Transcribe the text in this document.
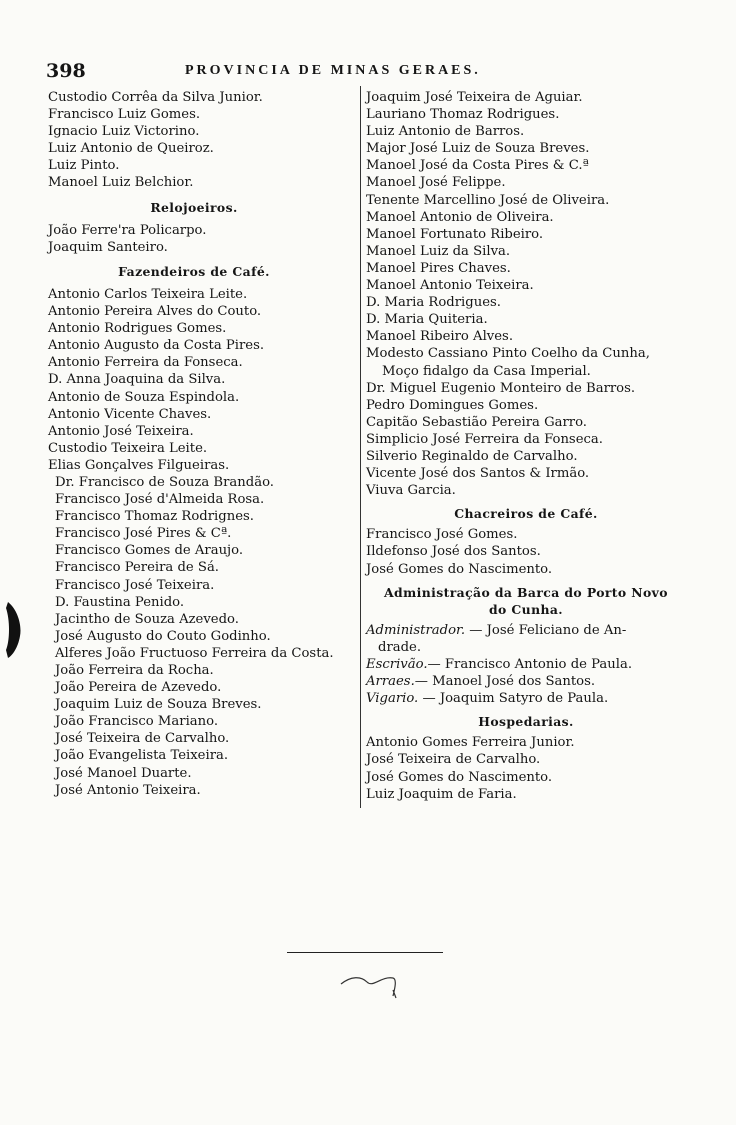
398	PROVINCIA DE MINAS GERAES.
Custodio Corrêa da Silva Junior.
Francisco Luiz Gomes.
Ignacio Luiz Victorino.
Luiz Antonio de Queiroz.
Luiz Pinto.
Manoel Luiz Belchior.
Relojoeiros.
João Ferre'ra Policarpo.
Joaquim Santeiro.
Fazendeiros de Café.
Antonio Carlos Teixeira Leite.
Antonio Pereira Alves do Couto.
Antonio Rodrigues Gomes.
Antonio Augusto da Costa Pires.
Antonio Ferreira da Fonseca.
D. Anna Joaquina da Silva.
Antonio de Souza Espindola.
Antonio Vicente Chaves.
Antonio José Teixeira.
Custodio Teixeira Leite.
Elias Gonçalves Filgueiras.
Dr. Francisco de Souza Brandão.
Francisco José d'Almeida Rosa.
Francisco Thomaz Rodrignes.
Francisco José Pires & Cª.
Francisco Gomes de Araujo.
Francisco Pereira de Sá.
Francisco José Teixeira.
D. Faustina Penido.
Jacintho de Souza Azevedo.
José Augusto do Couto Godinho.
Alferes João Fructuoso Ferreira da Costa.
João Ferreira da Rocha.
João Pereira de Azevedo.
Joaquim Luiz de Souza Breves.
João Francisco Mariano.
José Teixeira de Carvalho.
João Evangelista Teixeira.
José Manoel Duarte.
José Antonio Teixeira.
Joaquim José Teixeira de Aguiar.
Lauriano Thomaz Rodrigues.
Luiz Antonio de Barros.
Major José Luiz de Souza Breves.
Manoel José da Costa Pires & C.ª
Manoel José Felippe.
Tenente Marcellino José de Oliveira.
Manoel Antonio de Oliveira.
Manoel Fortunato Ribeiro.
Manoel Luiz da Silva.
Manoel Pires Chaves.
Manoel Antonio Teixeira.
D. Maria Rodrigues.
D. Maria Quiteria.
Manoel Ribeiro Alves.
Modesto Cassiano Pinto Coelho da Cunha,
Moço fidalgo da Casa Imperial.
Dr. Miguel Eugenio Monteiro de Barros.
Pedro Domingues Gomes.
Capitão Sebastião Pereira Garro.
Simplicio José Ferreira da Fonseca.
Silverio Reginaldo de Carvalho.
Vicente José dos Santos & Irmão.
Viuva Garcia.
Chacreiros de Café.
Francisco José Gomes.
Ildefonso José dos Santos.
José Gomes do Nascimento.
Administração da Barca do Porto Novo
do Cunha.
Administrador. — José Feliciano de An-
drade.
Escrivão.— Francisco Antonio de Paula.
Arraes.— Manoel José dos Santos.
Vigario. — Joaquim Satyro de Paula.
Hospedarias.
Antonio Gomes Ferreira Junior.
José Teixeira de Carvalho.
José Gomes do Nascimento.
Luiz Joaquim de Faria.
